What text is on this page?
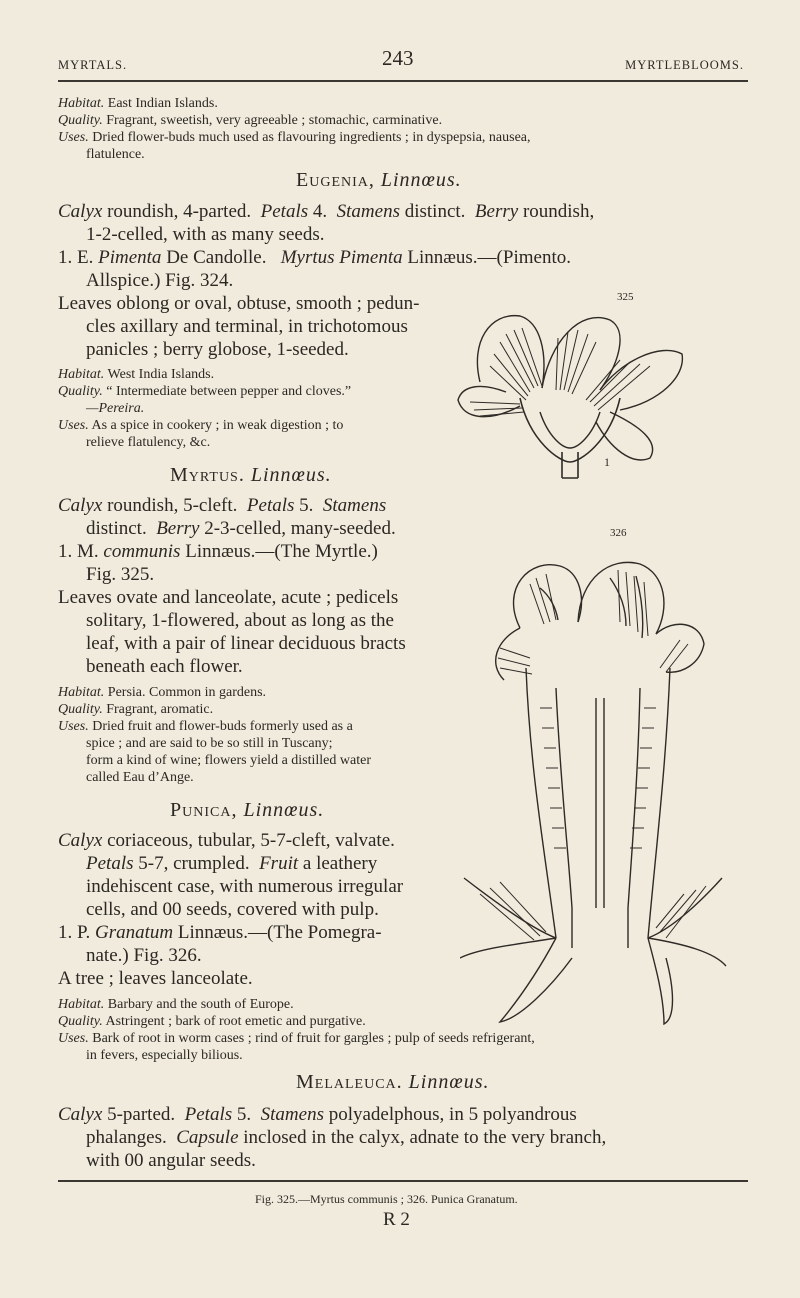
MYRTALS.	243	MYRTLEBLOOMS.
Habitat. East Indian Islands.
Quality. Fragrant, sweetish, very agreeable ; stomachic, carminative.
Uses. Dried flower-buds much used as flavouring ingredients ; in dyspepsia, nausea,
flatulence.
Eugenia, Linnœus.
Calyx roundish, 4-parted. Petals 4. Stamens distinct. Berry roundish,
1-2-celled, with as many seeds.
1. E. Pimenta De Candolle. Myrtus Pimenta Linnæus.—(Pimento.
Allspice.) Fig. 324.
Leaves oblong or oval, obtuse, smooth ; pedun-
cles axillary and terminal, in trichotomous
panicles ; berry globose, 1-seeded.
Habitat. West India Islands.
Quality. “ Intermediate between pepper and cloves.”
—Pereira.
Uses. As a spice in cookery ; in weak digestion ; to
relieve flatulency, &c.
Myrtus. Linnœus.
Calyx roundish, 5-cleft. Petals 5. Stamens
distinct. Berry 2-3-celled, many-seeded.
1. M. communis Linnæus.—(The Myrtle.)
Fig. 325.
Leaves ovate and lanceolate, acute ; pedicels
solitary, 1-flowered, about as long as the
leaf, with a pair of linear deciduous bracts
beneath each flower.
Habitat. Persia. Common in gardens.
Quality. Fragrant, aromatic.
Uses. Dried fruit and flower-buds formerly used as a
spice ; and are said to be so still in Tuscany;
form a kind of wine; flowers yield a distilled water
called Eau d’Ange.
Punica, Linnœus.
Calyx coriaceous, tubular, 5-7-cleft, valvate.
Petals 5-7, crumpled. Fruit a leathery
indehiscent case, with numerous irregular
cells, and 00 seeds, covered with pulp.
1. P. Granatum Linnæus.—(The Pomegra-
nate.) Fig. 326.
A tree ; leaves lanceolate.
Habitat. Barbary and the south of Europe.
Quality. Astringent ; bark of root emetic and purgative.
Uses. Bark of root in worm cases ; rind of fruit for gargles ; pulp of seeds refrigerant,
in fevers, especially bilious.
Melaleuca. Linnœus.
Calyx 5-parted. Petals 5. Stamens polyadelphous, in 5 polyandrous
phalanges. Capsule inclosed in the calyx, adnate to the very branch,
with 00 angular seeds.
Fig. 325.—Myrtus communis ; 326. Punica Granatum.
R 2
325
1
326
